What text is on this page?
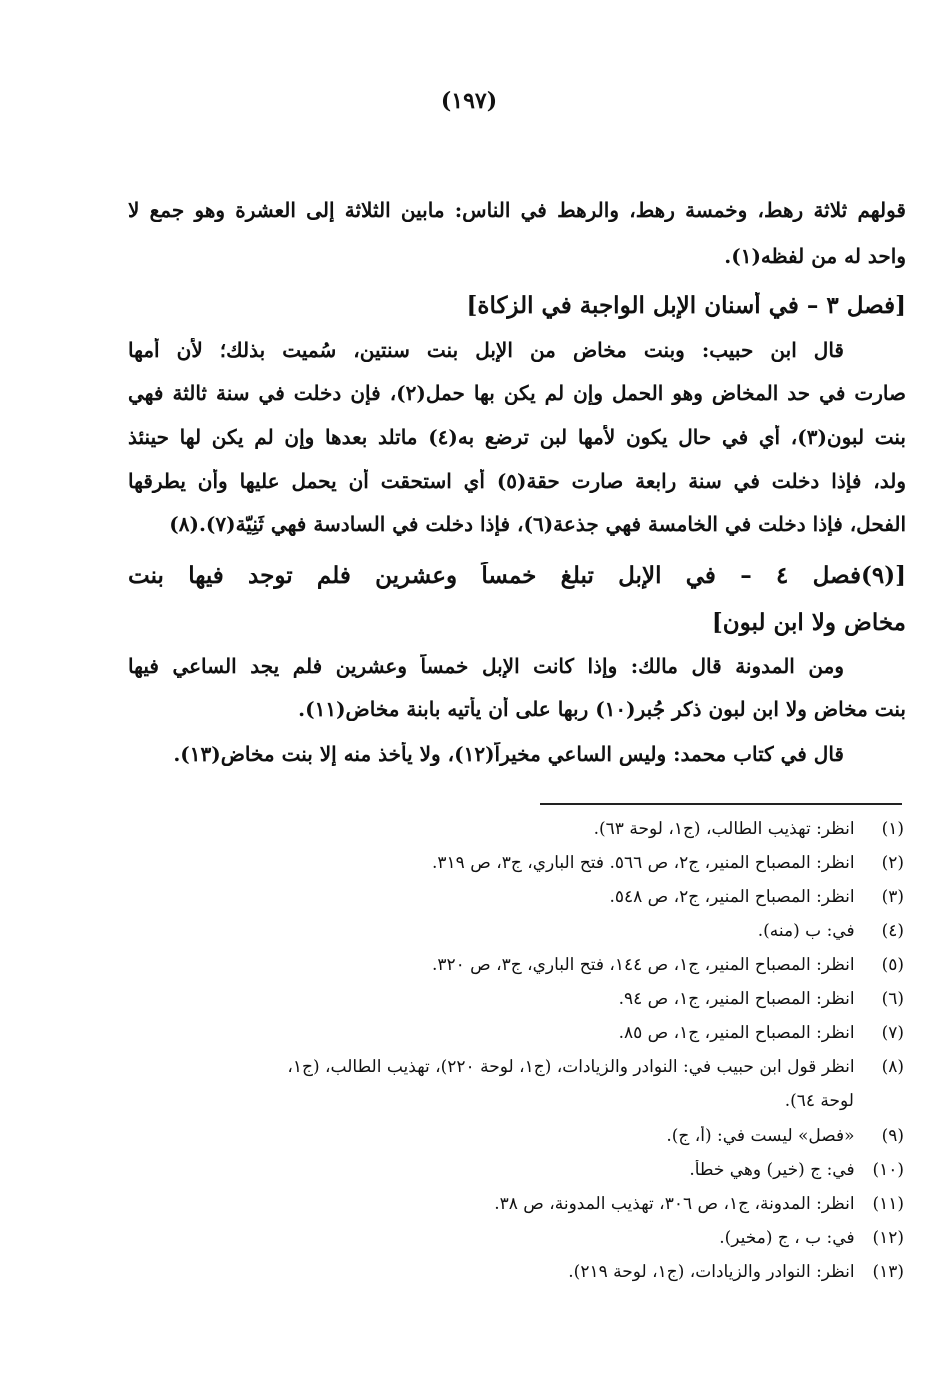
(١٩٧)
قولهم ثلاثة رهط، وخمسة رهط، والرهط في الناس: مابين الثلاثة إلى العشرة وهو جمع لا
واحد له من لفظه(١).
[فصل ٣ – في أسنان الإبل الواجبة في الزكاة]
قال ابن حبيب: وبنت مخاض من الإبل بنت سنتين، سُميت بذلك؛ لأن أمها
صارت في حد المخاض وهو الحمل وإن لم يكن بها حمل(٢)، فإن دخلت في سنة ثالثة فهي
بنت لبون(٣)، أي في حال يكون لأمها لبن ترضع به(٤) ماتلد بعدها وإن لم يكن لها حينئذ
ولد، فإذا دخلت في سنة رابعة صارت حقة(٥) أي استحقت أن يحمل عليها وأن يطرقها
الفحل، فإذا دخلت في الخامسة فهي جذعة(٦)، فإذا دخلت في السادسة فهي ثَنِيّة(٧).(٨)
[(٩)فصل ٤ – في الإبل تبلغ خمساً وعشرين فلم توجد فيها بنت
مخاض ولا ابن لبون]
ومن المدونة قال مالك: وإذا كانت الإبل خمساً وعشرين فلم يجد الساعي فيها
بنت مخاض ولا ابن لبون ذكر جُبر(١٠) ربها على أن يأتيه بابنة مخاض(١١).
قال في كتاب محمد: وليس الساعي مخيراً(١٢)، ولا يأخذ منه إلا بنت مخاض(١٣).
(١) انظر: تهذيب الطالب، (ج١، لوحة ٦٣).
(٢) انظر: المصباح المنير، ج٢، ص ٥٦٦. فتح الباري، ج٣، ص ٣١٩.
(٣) انظر: المصباح المنير، ج٢، ص ٥٤٨.
(٤) في: ب (منه).
(٥) انظر: المصباح المنير، ج١، ص ١٤٤، فتح الباري، ج٣، ص ٣٢٠.
(٦) انظر: المصباح المنير، ج١، ص ٩٤.
(٧) انظر: المصباح المنير، ج١، ص ٨٥.
(٨) انظر قول ابن حبيب في: النوادر والزيادات، (ج١، لوحة ٢٢٠)، تهذيب الطالب، (ج١،
لوحة ٦٤).
(٩) «فصل» ليست في: (أ، ج).
(١٠) في: ج (خير) وهي خطأ.
(١١) انظر: المدونة، ج١، ص ٣٠٦، تهذيب المدونة، ص ٣٨.
(١٢) في: ب ، ج (مخير).
(١٣) انظر: النوادر والزيادات، (ج١، لوحة ٢١٩).
